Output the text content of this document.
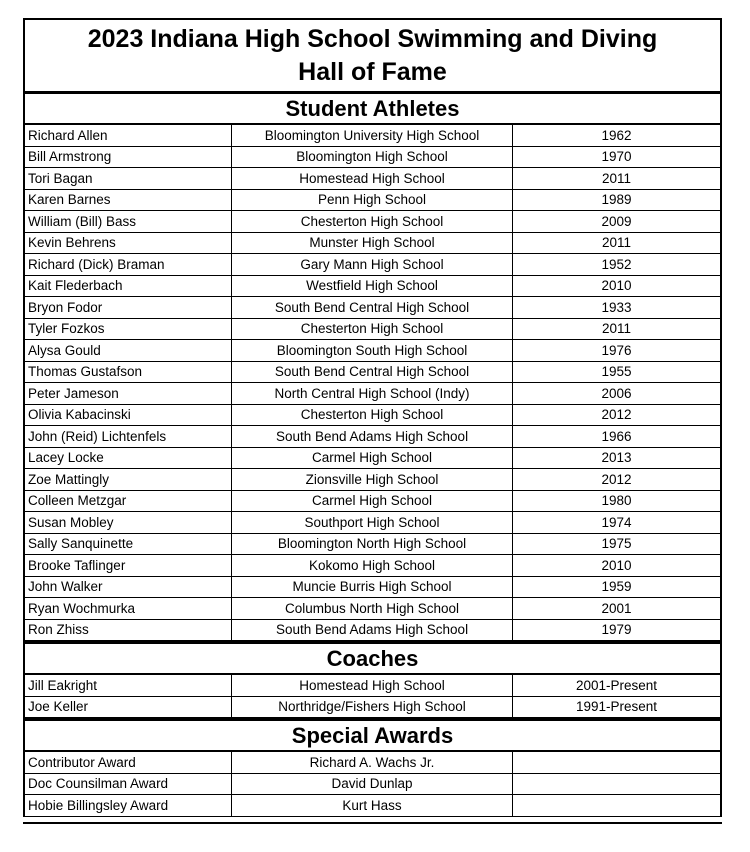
2023 Indiana High School Swimming and Diving
Hall of Fame
Student Athletes
Richard Allen	Bloomington University High School	1962
Bill Armstrong	Bloomington High School	1970
Tori Bagan	Homestead High School	2011
Karen Barnes	Penn High School	1989
William (Bill) Bass	Chesterton High School	2009
Kevin Behrens	Munster High School	2011
Richard (Dick) Braman	Gary Mann High School	1952
Kait Flederbach	Westfield High School	2010
Bryon Fodor	South Bend Central High School	1933
Tyler Fozkos	Chesterton High School	2011
Alysa Gould	Bloomington South High School	1976
Thomas Gustafson	South Bend Central High School	1955
Peter Jameson	North Central High School (Indy)	2006
Olivia Kabacinski	Chesterton High School	2012
John (Reid) Lichtenfels	South Bend Adams High School	1966
Lacey Locke	Carmel High School	2013
Zoe Mattingly	Zionsville High School	2012
Colleen Metzgar	Carmel High School	1980
Susan Mobley	Southport High School	1974
Sally Sanquinette	Bloomington North High School	1975
Brooke Taflinger	Kokomo High School	2010
John Walker	Muncie Burris High School	1959
Ryan Wochmurka	Columbus North High School	2001
Ron Zhiss	South Bend Adams High School	1979
Coaches
Jill Eakright	Homestead High School	2001-Present
Joe Keller	Northridge/Fishers High School	1991-Present
Special Awards
Contributor Award	Richard A. Wachs Jr.	
Doc Counsilman Award	David Dunlap	
Hobie Billingsley Award	Kurt Hass	
